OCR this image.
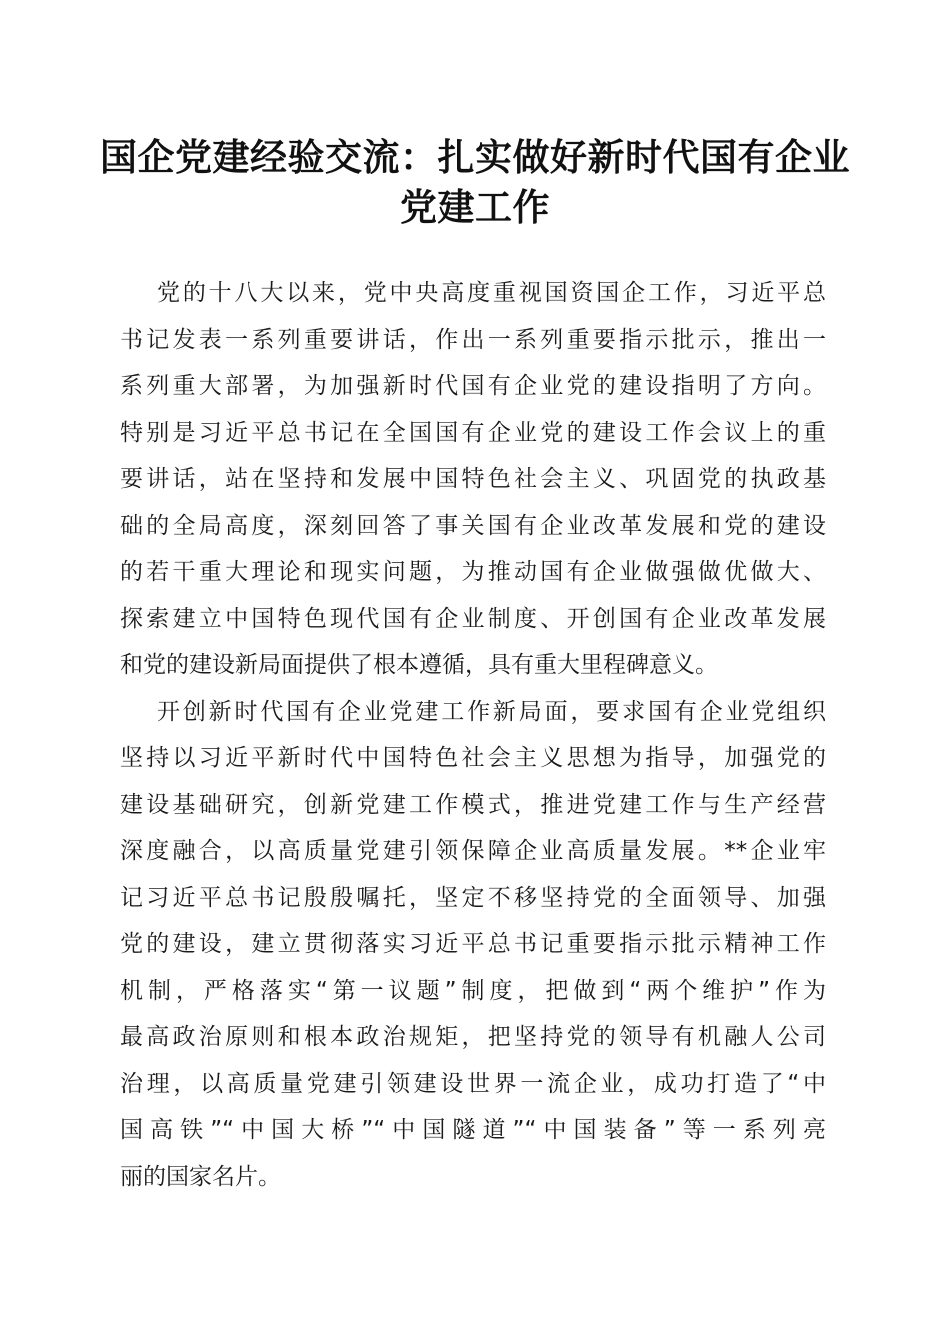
国企党建经验交流：扎实做好新时代国有企业
党建工作

党的十八大以来，党中央高度重视国资国企工作，习近平总
书记发表一系列重要讲话，作出一系列重要指示批示，推出一
系列重大部署，为加强新时代国有企业党的建设指明了方向。
特别是习近平总书记在全国国有企业党的建设工作会议上的重
要讲话，站在坚持和发展中国特色社会主义、巩固党的执政基
础的全局高度，深刻回答了事关国有企业改革发展和党的建设
的若干重大理论和现实问题，为推动国有企业做强做优做大、
探索建立中国特色现代国有企业制度、开创国有企业改革发展
和党的建设新局面提供了根本遵循，具有重大里程碑意义。

开创新时代国有企业党建工作新局面，要求国有企业党组织
坚持以习近平新时代中国特色社会主义思想为指导，加强党的
建设基础研究，创新党建工作模式，推进党建工作与生产经营
深度融合，以高质量党建引领保障企业高质量发展。**企业牢
记习近平总书记殷殷嘱托，坚定不移坚持党的全面领导、加强
党的建设，建立贯彻落实习近平总书记重要指示批示精神工作
机制，严格落实“第一议题”制度，把做到“两个维护”作为
最高政治原则和根本政治规矩，把坚持党的领导有机融人公司
治理，以高质量党建引领建设世界一流企业，成功打造了“中
国高铁”“中国大桥”“中国隧道”“中国装备”等一系列亮
丽的国家名片。
